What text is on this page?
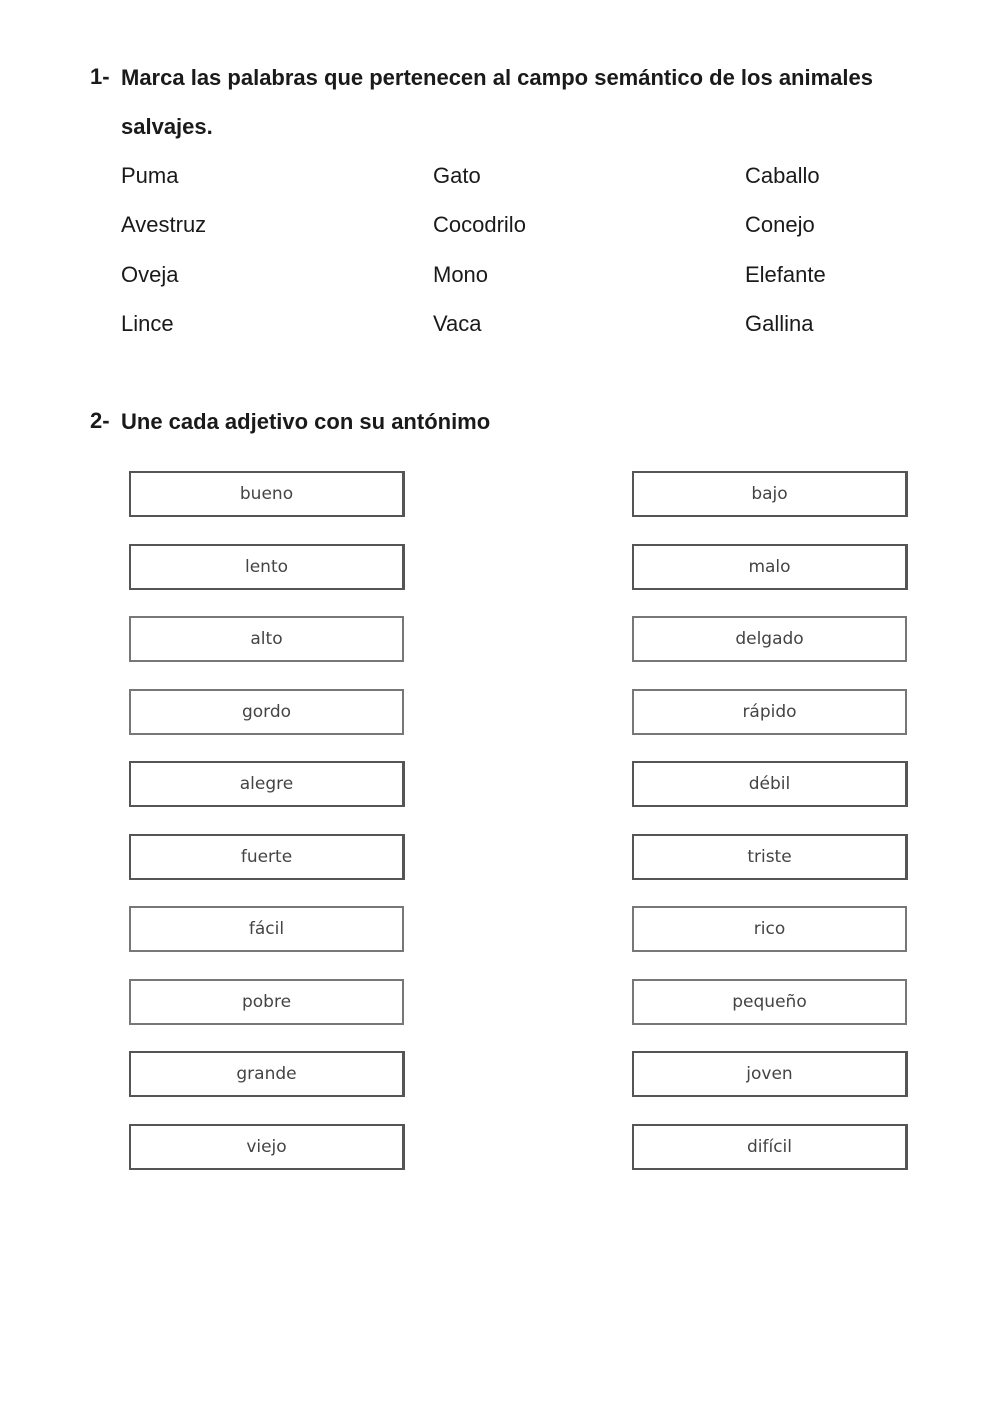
1- Marca las palabras que pertenecen al campo semántico de los animales salvajes.
Puma	Gato	Caballo
Avestruz	Cocodrilo	Conejo
Oveja	Mono	Elefante
Lince	Vaca	Gallina
2- Une cada adjetivo con su antónimo
bueno
lento
alto
gordo
alegre
fuerte
fácil
pobre
grande
viejo
bajo
malo
delgado
rápido
débil
triste
rico
pequeño
joven
difícil
